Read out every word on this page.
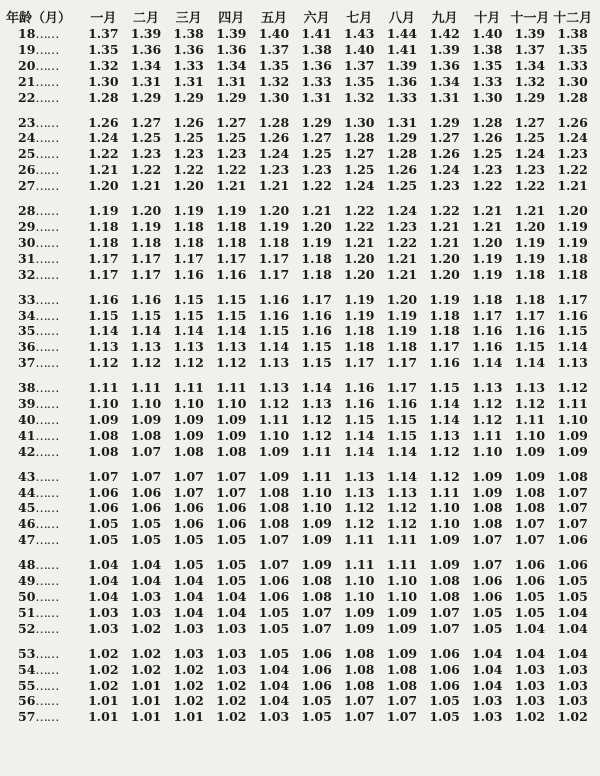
年龄（月）	一月	二月	三月	四月	五月	六月	七月	八月	九月	十月	十一月	十二月
18……	1.37	1.39	1.38	1.39	1.40	1.41	1.43	1.44	1.42	1.40	1.39	1.38
19……	1.35	1.36	1.36	1.36	1.37	1.38	1.40	1.41	1.39	1.38	1.37	1.35
20……	1.32	1.34	1.33	1.34	1.35	1.36	1.37	1.39	1.36	1.35	1.34	1.33
21……	1.30	1.31	1.31	1.31	1.32	1.33	1.35	1.36	1.34	1.33	1.32	1.30
22……	1.28	1.29	1.29	1.29	1.30	1.31	1.32	1.33	1.31	1.30	1.29	1.28

23……	1.26	1.27	1.26	1.27	1.28	1.29	1.30	1.31	1.29	1.28	1.27	1.26
24……	1.24	1.25	1.25	1.25	1.26	1.27	1.28	1.29	1.27	1.26	1.25	1.24
25……	1.22	1.23	1.23	1.23	1.24	1.25	1.27	1.28	1.26	1.25	1.24	1.23
26……	1.21	1.22	1.22	1.22	1.23	1.23	1.25	1.26	1.24	1.23	1.23	1.22
27……	1.20	1.21	1.20	1.21	1.21	1.22	1.24	1.25	1.23	1.22	1.22	1.21

28……	1.19	1.20	1.19	1.19	1.20	1.21	1.22	1.24	1.22	1.21	1.21	1.20
29……	1.18	1.19	1.18	1.18	1.19	1.20	1.22	1.23	1.21	1.21	1.20	1.19
30……	1.18	1.18	1.18	1.18	1.18	1.19	1.21	1.22	1.21	1.20	1.19	1.19
31……	1.17	1.17	1.17	1.17	1.17	1.18	1.20	1.21	1.20	1.19	1.19	1.18
32……	1.17	1.17	1.16	1.16	1.17	1.18	1.20	1.21	1.20	1.19	1.18	1.18

33……	1.16	1.16	1.15	1.15	1.16	1.17	1.19	1.20	1.19	1.18	1.18	1.17
34……	1.15	1.15	1.15	1.15	1.16	1.16	1.19	1.19	1.18	1.17	1.17	1.16
35……	1.14	1.14	1.14	1.14	1.15	1.16	1.18	1.19	1.18	1.16	1.16	1.15
36……	1.13	1.13	1.13	1.13	1.14	1.15	1.18	1.18	1.17	1.16	1.15	1.14
37……	1.12	1.12	1.12	1.12	1.13	1.15	1.17	1.17	1.16	1.14	1.14	1.13

38……	1.11	1.11	1.11	1.11	1.13	1.14	1.16	1.17	1.15	1.13	1.13	1.12
39……	1.10	1.10	1.10	1.10	1.12	1.13	1.16	1.16	1.14	1.12	1.12	1.11
40……	1.09	1.09	1.09	1.09	1.11	1.12	1.15	1.15	1.14	1.12	1.11	1.10
41……	1.08	1.08	1.09	1.09	1.10	1.12	1.14	1.15	1.13	1.11	1.10	1.09
42……	1.08	1.07	1.08	1.08	1.09	1.11	1.14	1.14	1.12	1.10	1.09	1.09

43……	1.07	1.07	1.07	1.07	1.09	1.11	1.13	1.14	1.12	1.09	1.09	1.08
44……	1.06	1.06	1.07	1.07	1.08	1.10	1.13	1.13	1.11	1.09	1.08	1.07
45……	1.06	1.06	1.06	1.06	1.08	1.10	1.12	1.12	1.10	1.08	1.08	1.07
46……	1.05	1.05	1.06	1.06	1.08	1.09	1.12	1.12	1.10	1.08	1.07	1.07
47……	1.05	1.05	1.05	1.05	1.07	1.09	1.11	1.11	1.09	1.07	1.07	1.06

48……	1.04	1.04	1.05	1.05	1.07	1.09	1.11	1.11	1.09	1.07	1.06	1.06
49……	1.04	1.04	1.04	1.05	1.06	1.08	1.10	1.10	1.08	1.06	1.06	1.05
50……	1.04	1.03	1.04	1.04	1.06	1.08	1.10	1.10	1.08	1.06	1.05	1.05
51……	1.03	1.03	1.04	1.04	1.05	1.07	1.09	1.09	1.07	1.05	1.05	1.04
52……	1.03	1.02	1.03	1.03	1.05	1.07	1.09	1.09	1.07	1.05	1.04	1.04

53……	1.02	1.02	1.03	1.03	1.05	1.06	1.08	1.09	1.06	1.04	1.04	1.04
54……	1.02	1.02	1.02	1.03	1.04	1.06	1.08	1.08	1.06	1.04	1.03	1.03
55……	1.02	1.01	1.02	1.02	1.04	1.06	1.08	1.08	1.06	1.04	1.03	1.03
56……	1.01	1.01	1.02	1.02	1.04	1.05	1.07	1.07	1.05	1.03	1.03	1.03
57……	1.01	1.01	1.01	1.02	1.03	1.05	1.07	1.07	1.05	1.03	1.02	1.02
